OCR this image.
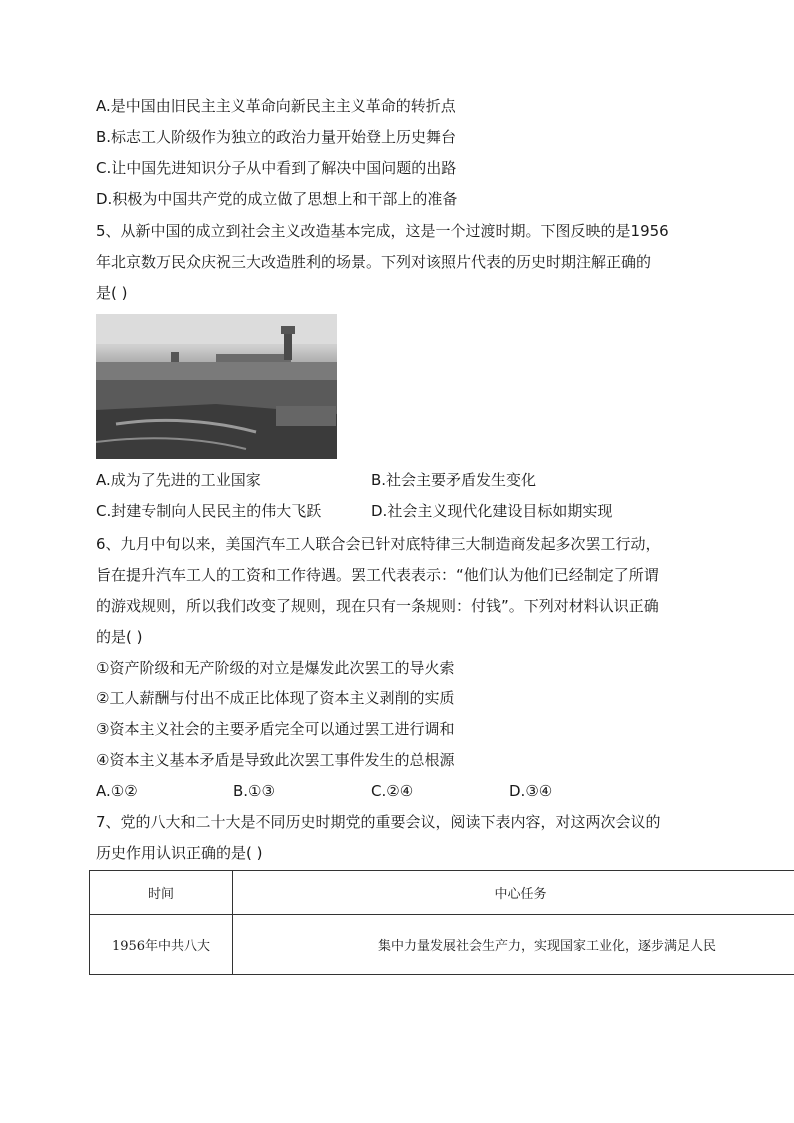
A.是中国由旧民主主义革命向新民主主义革命的转折点
B.标志工人阶级作为独立的政治力量开始登上历史舞台
C.让中国先进知识分子从中看到了解决中国问题的出路
D.积极为中国共产党的成立做了思想上和干部上的准备
5、从新中国的成立到社会主义改造基本完成，这是一个过渡时期。下图反映的是1956
年北京数万民众庆祝三大改造胜利的场景。下列对该照片代表的历史时期注解正确的
是( )
A.成为了先进的工业国家	B.社会主要矛盾发生变化
C.封建专制向人民民主的伟大飞跃	D.社会主义现代化建设目标如期实现
6、九月中旬以来，美国汽车工人联合会已针对底特律三大制造商发起多次罢工行动，
旨在提升汽车工人的工资和工作待遇。罢工代表表示：“他们认为他们已经制定了所谓
的游戏规则，所以我们改变了规则，现在只有一条规则：付钱”。下列对材料认识正确
的是( )
①资产阶级和无产阶级的对立是爆发此次罢工的导火索
②工人薪酬与付出不成正比体现了资本主义剥削的实质
③资本主义社会的主要矛盾完全可以通过罢工进行调和
④资本主义基本矛盾是导致此次罢工事件发生的总根源
A.①②	B.①③	C.②④	D.③④
7、党的八大和二十大是不同历史时期党的重要会议，阅读下表内容，对这两次会议的
历史作用认识正确的是( )
时间	中心任务
1956年中共八大	集中力量发展社会生产力，实现国家工业化，逐步满足人民
